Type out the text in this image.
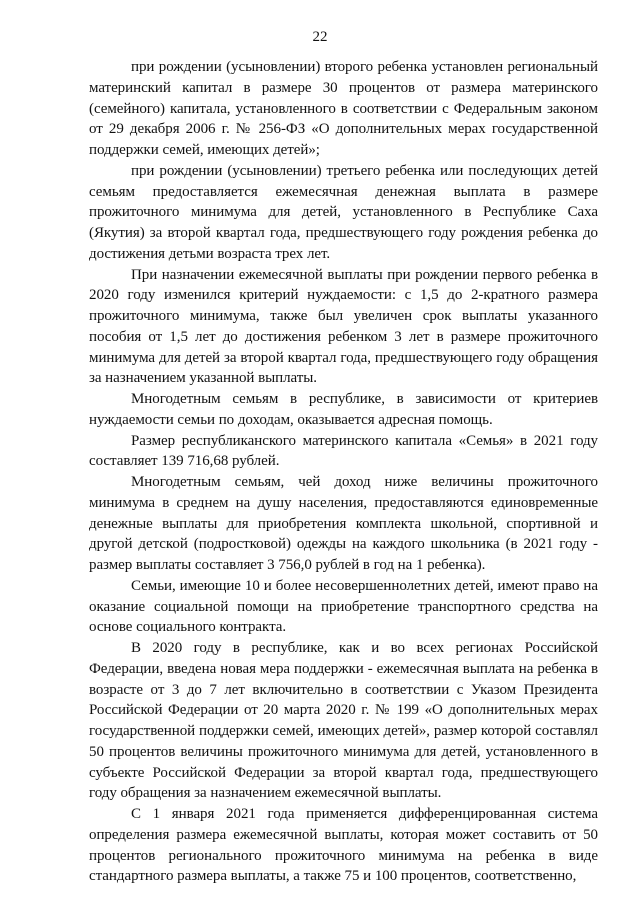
22

при рождении (усыновлении) второго ребенка установлен региональный материнский капитал в размере 30 процентов от размера материнского (семейного) капитала, установленного в соответствии с Федеральным законом от 29 декабря 2006 г. № 256-ФЗ «О дополнительных мерах государственной поддержки семей, имеющих детей»;

при рождении (усыновлении) третьего ребенка или последующих детей семьям предоставляется ежемесячная денежная выплата в размере прожиточного минимума для детей, установленного в Республике Саха (Якутия) за второй квартал года, предшествующего году рождения ребенка до достижения детьми возраста трех лет.

При назначении ежемесячной выплаты при рождении первого ребенка в 2020 году изменился критерий нуждаемости: с 1,5 до 2-кратного размера прожиточного минимума, также был увеличен срок выплаты указанного пособия от 1,5 лет до достижения ребенком 3 лет в размере прожиточного минимума для детей за второй квартал года, предшествующего году обращения за назначением указанной выплаты.

Многодетным семьям в республике, в зависимости от критериев нуждаемости семьи по доходам, оказывается адресная помощь.

Размер республиканского материнского капитала «Семья» в 2021 году составляет 139 716,68 рублей.

Многодетным семьям, чей доход ниже величины прожиточного минимума в среднем на душу населения, предоставляются единовременные денежные выплаты для приобретения комплекта школьной, спортивной и другой детской (подростковой) одежды на каждого школьника (в 2021 году - размер выплаты составляет 3 756,0 рублей в год на 1 ребенка).

Семьи, имеющие 10 и более несовершеннолетних детей, имеют право на оказание социальной помощи на приобретение транспортного средства на основе социального контракта.

В 2020 году в республике, как и во всех регионах Российской Федерации, введена новая мера поддержки - ежемесячная выплата на ребенка в возрасте от 3 до 7 лет включительно в соответствии с Указом Президента Российской Федерации от 20 марта 2020 г. № 199 «О дополнительных мерах государственной поддержки семей, имеющих детей», размер которой составлял 50 процентов величины прожиточного минимума для детей, установленного в субъекте Российской Федерации за второй квартал года, предшествующего году обращения за назначением ежемесячной выплаты.

С 1 января 2021 года применяется дифференцированная система определения размера ежемесячной выплаты, которая может составить от 50 процентов регионального прожиточного минимума на ребенка в виде стандартного размера выплаты, а также 75 и 100 процентов, соответственно,
